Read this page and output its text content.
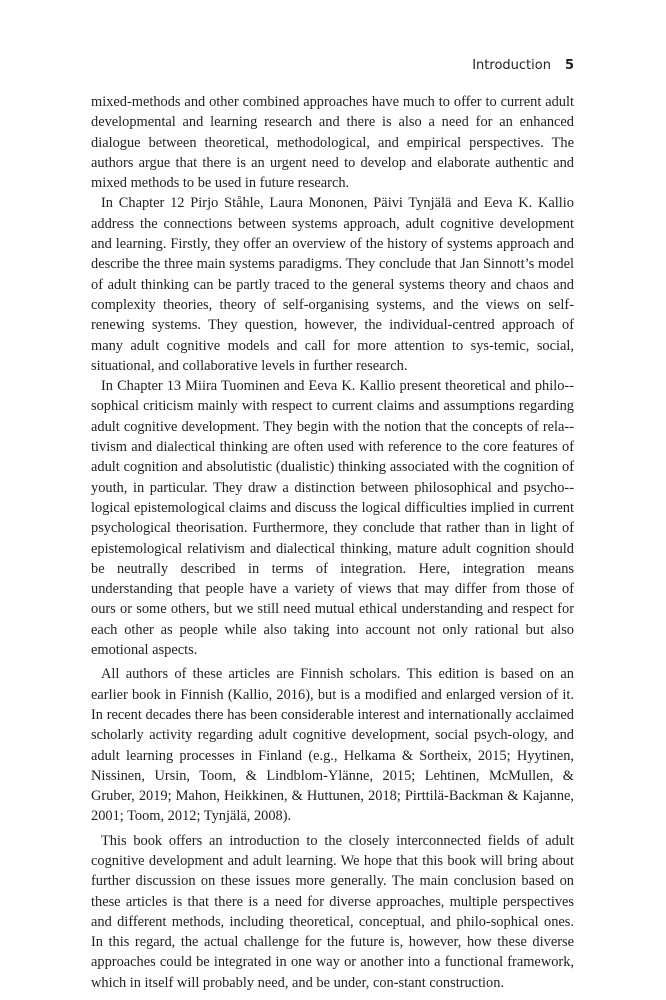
Introduction 5

mixed-methods and other combined approaches have much to offer to current adult developmental and learning research and there is also a need for an enhanced dialogue between theoretical, methodological, and empirical perspectives. The authors argue that there is an urgent need to develop and elaborate authentic and mixed methods to be used in future research.

In Chapter 12 Pirjo Ståhle, Laura Mononen, Päivi Tynjälä and Eeva K. Kallio address the connections between systems approach, adult cognitive development and learning. Firstly, they offer an overview of the history of systems approach and describe the three main systems paradigms. They conclude that Jan Sinnott’s model of adult thinking can be partly traced to the general systems theory and chaos and complexity theories, theory of self-organising systems, and the views on self-renewing systems. They question, however, the individual-centred approach of many adult cognitive models and call for more attention to sys-temic, social, situational, and collaborative levels in further research.

In Chapter 13 Miira Tuominen and Eeva K. Kallio present theoretical and philo-sophical criticism mainly with respect to current claims and assumptions regarding adult cognitive development. They begin with the notion that the concepts of rela-tivism and dialectical thinking are often used with reference to the core features of adult cognition and absolutistic (dualistic) thinking associated with the cognition of youth, in particular. They draw a distinction between philosophical and psycho-logical epistemological claims and discuss the logical difficulties implied in current psychological theorisation. Furthermore, they conclude that rather than in light of epistemological relativism and dialectical thinking, mature adult cognition should be neutrally described in terms of integration. Here, integration means understanding that people have a variety of views that may differ from those of ours or some others, but we still need mutual ethical understanding and respect for each other as people while also taking into account not only rational but also emotional aspects.

All authors of these articles are Finnish scholars. This edition is based on an earlier book in Finnish (Kallio, 2016), but is a modified and enlarged version of it. In recent decades there has been considerable interest and internationally acclaimed scholarly activity regarding adult cognitive development, social psych-ology, and adult learning processes in Finland (e.g., Helkama & Sortheix, 2015; Hyytinen, Nissinen, Ursin, Toom, & Lindblom-Ylänne, 2015; Lehtinen, McMullen, & Gruber, 2019; Mahon, Heikkinen, & Huttunen, 2018; Pirttilä-Backman & Kajanne, 2001; Toom, 2012; Tynjälä, 2008).

This book offers an introduction to the closely interconnected fields of adult cognitive development and adult learning. We hope that this book will bring about further discussion on these issues more generally. The main conclusion based on these articles is that there is a need for diverse approaches, multiple perspectives and different methods, including theoretical, conceptual, and philo-sophical ones. In this regard, the actual challenge for the future is, however, how these diverse approaches could be integrated in one way or another into a functional framework, which in itself will probably need, and be under, con-stant construction.
